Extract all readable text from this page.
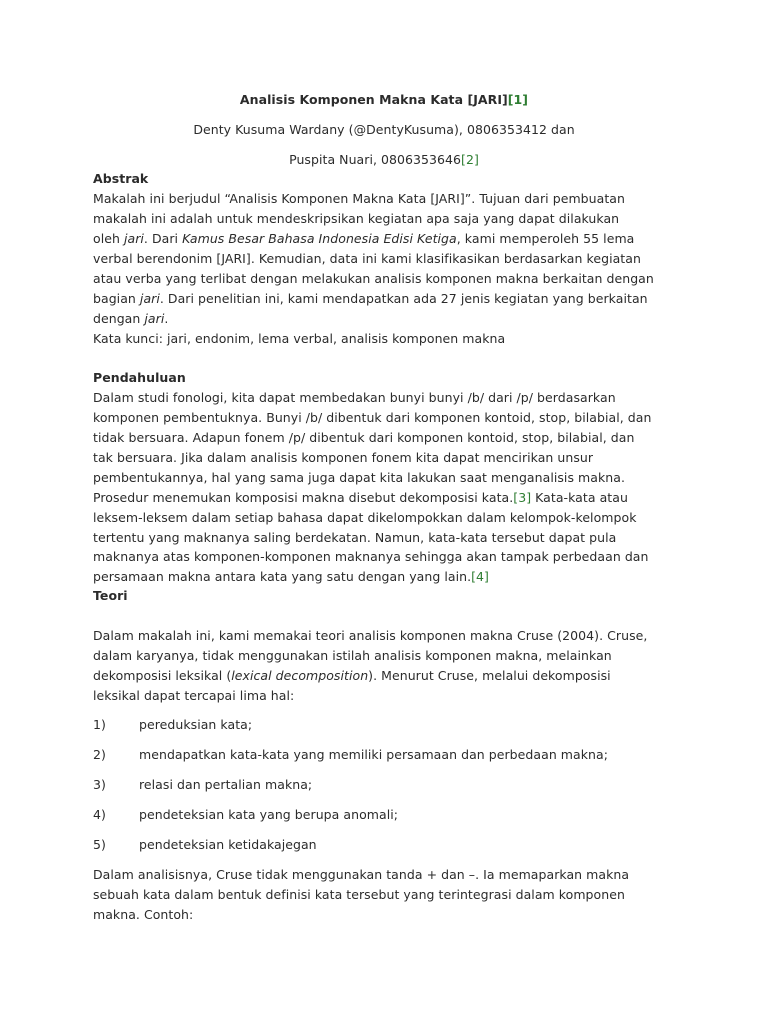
Analisis Komponen Makna Kata [JARI][1]
Denty Kusuma Wardany (@DentyKusuma), 0806353412 dan
Puspita Nuari, 0806353646[2]
Abstrak
Makalah ini berjudul “Analisis Komponen Makna Kata [JARI]”. Tujuan dari pembuatan
makalah ini adalah untuk mendeskripsikan kegiatan apa saja yang dapat dilakukan
oleh jari. Dari Kamus Besar Bahasa Indonesia Edisi Ketiga, kami memperoleh 55 lema
verbal berendonim [JARI]. Kemudian, data ini kami klasifikasikan berdasarkan kegiatan
atau verba yang terlibat dengan melakukan analisis komponen makna berkaitan dengan
bagian jari. Dari penelitian ini, kami mendapatkan ada 27 jenis kegiatan yang berkaitan
dengan jari.
Kata kunci: jari, endonim, lema verbal, analisis komponen makna
Pendahuluan
Dalam studi fonologi, kita dapat membedakan bunyi bunyi /b/ dari /p/ berdasarkan
komponen pembentuknya. Bunyi /b/ dibentuk dari komponen kontoid, stop, bilabial, dan
tidak bersuara. Adapun fonem /p/ dibentuk dari komponen kontoid, stop, bilabial, dan
tak bersuara. Jika dalam analisis komponen fonem kita dapat mencirikan unsur
pembentukannya, hal yang sama juga dapat kita lakukan saat menganalisis makna.
Prosedur menemukan komposisi makna disebut dekomposisi kata.[3] Kata-kata atau
leksem-leksem dalam setiap bahasa dapat dikelompokkan dalam kelompok-kelompok
tertentu yang maknanya saling berdekatan. Namun, kata-kata tersebut dapat pula
maknanya atas komponen-komponen maknanya sehingga akan tampak perbedaan dan
persamaan makna antara kata yang satu dengan yang lain.[4]
Teori
Dalam makalah ini, kami memakai teori analisis komponen makna Cruse (2004). Cruse,
dalam karyanya, tidak menggunakan istilah analisis komponen makna, melainkan
dekomposisi leksikal (lexical decomposition). Menurut Cruse, melalui dekomposisi
leksikal dapat tercapai lima hal:
1)	pereduksian kata;
2)	mendapatkan kata-kata yang memiliki persamaan dan perbedaan makna;
3)	relasi dan pertalian makna;
4)	pendeteksian kata yang berupa anomali;
5)	pendeteksian ketidakajegan
Dalam analisisnya, Cruse tidak menggunakan tanda + dan –. Ia memaparkan makna
sebuah kata dalam bentuk definisi kata tersebut yang terintegrasi dalam komponen
makna. Contoh:
